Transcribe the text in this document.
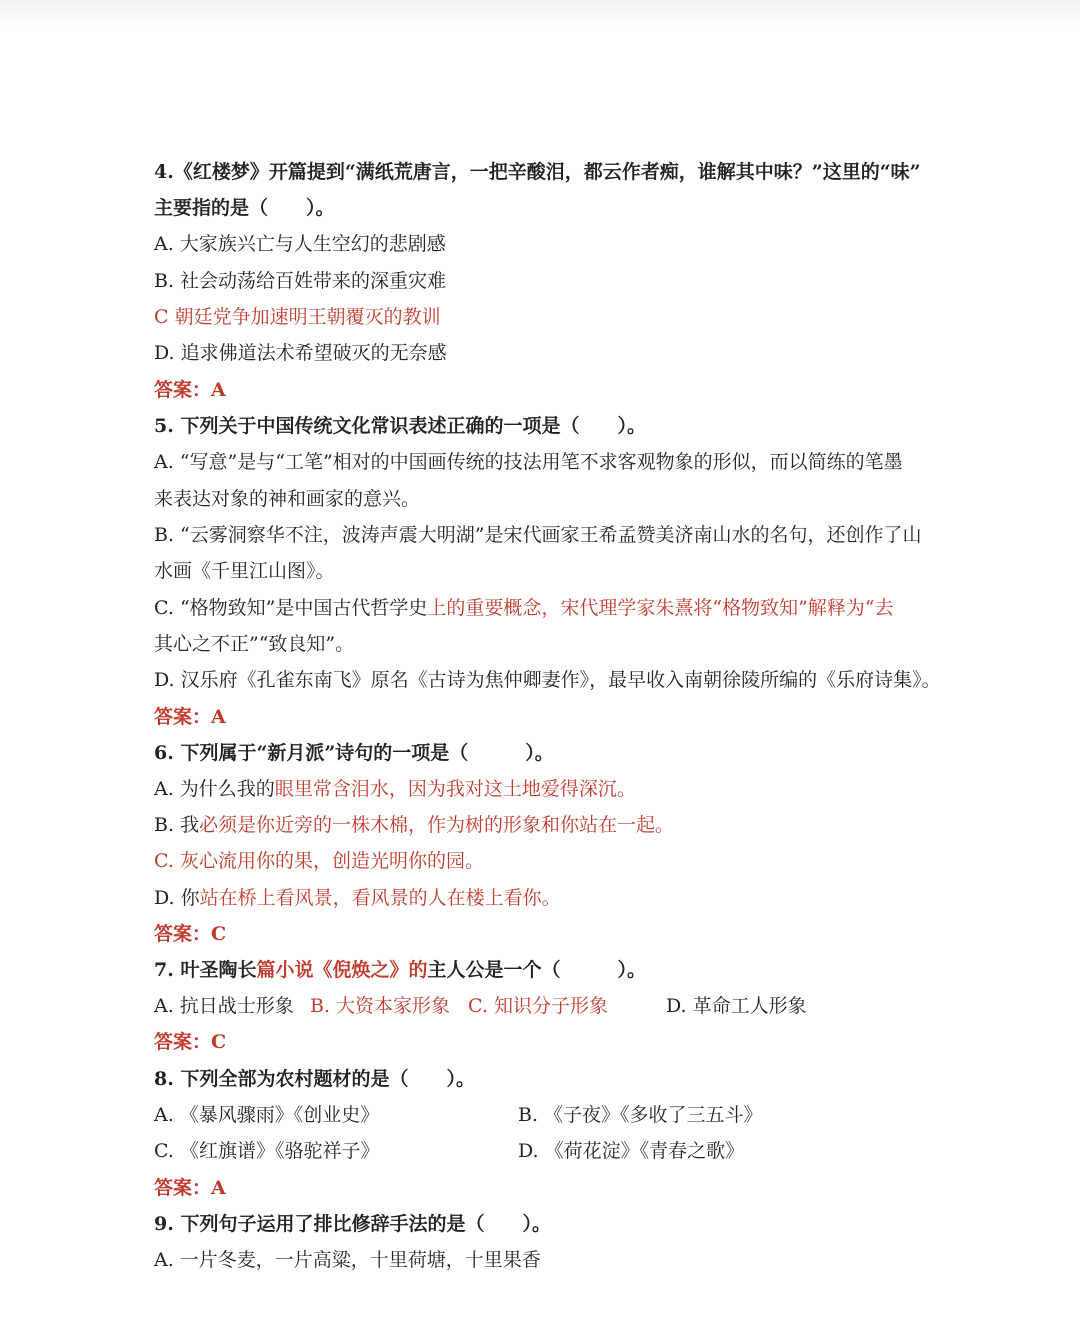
4.《红楼梦》开篇提到“满纸荒唐言，一把辛酸泪，都云作者痴，谁解其中味？”这里的“味”
主要指的是（　　）。
A. 大家族兴亡与人生空幻的悲剧感
B. 社会动荡给百姓带来的深重灾难
C 朝廷党争加速明王朝覆灭的教训
D. 追求佛道法术希望破灭的无奈感
答案：A
5. 下列关于中国传统文化常识表述正确的一项是（　　）。
A. “写意”是与“工笔”相对的中国画传统的技法用笔不求客观物象的形似，而以简练的笔墨
来表达对象的神和画家的意兴。
B. “云雾洞察华不注，波涛声震大明湖”是宋代画家王希孟赞美济南山水的名句，还创作了山
水画《千里江山图》。
C. “格物致知”是中国古代哲学史上的重要概念，宋代理学家朱熹将“格物致知”解释为“去
其心之不正”“致良知”。
D. 汉乐府《孔雀东南飞》原名《古诗为焦仲卿妻作》，最早收入南朝徐陵所编的《乐府诗集》。
答案：A
6. 下列属于“新月派”诗句的一项是（　　　）。
A. 为什么我的眼里常含泪水，因为我对这土地爱得深沉。
B. 我必须是你近旁的一株木棉，作为树的形象和你站在一起。
C. 灰心流用你的果，创造光明你的园。
D. 你站在桥上看风景，看风景的人在楼上看你。
答案：C
7. 叶圣陶长篇小说《倪焕之》的主人公是一个（　　　）。
A. 抗日战士形象 B. 大资本家形象 C. 知识分子形象	D. 革命工人形象
答案：C
8. 下列全部为农村题材的是（　　）。
A. 《暴风骤雨》《创业史》	B. 《子夜》《多收了三五斗》
C. 《红旗谱》《骆驼祥子》	D. 《荷花淀》《青春之歌》
答案：A
9. 下列句子运用了排比修辞手法的是（　　）。
A. 一片冬麦，一片高粱，十里荷塘，十里果香
